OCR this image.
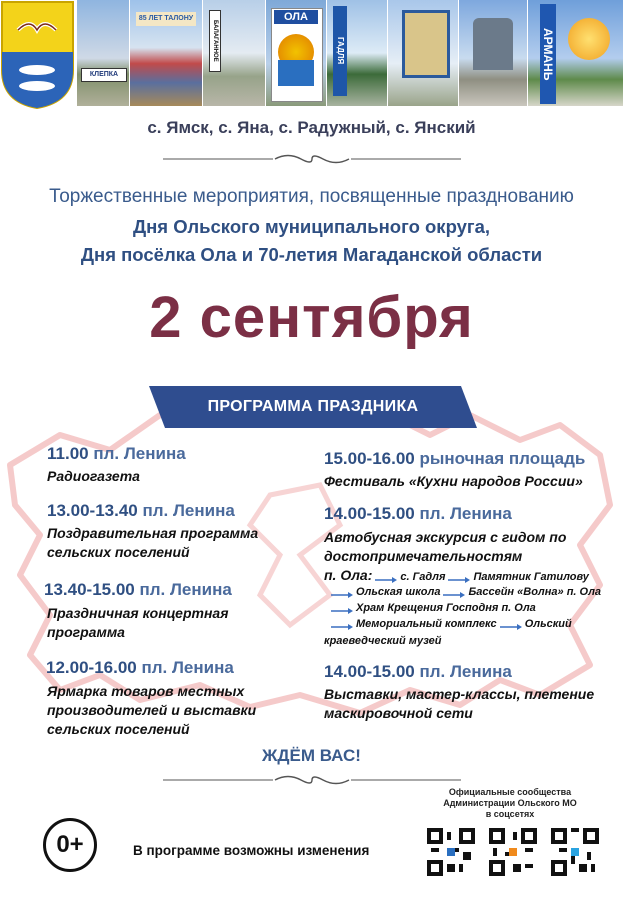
КЛЕПКА
85 ЛЕТ ТАЛОНУ
БАЛАГАННОЕ
ОЛА
ГАДЛЯ	АРМАНЬ
с. Ямск, с. Яна, с. Радужный, с. Янский
Торжественные мероприятия, посвященные празднованию
Дня Ольского муниципального округа,
Дня посёлка Ола и 70-летия Магаданской области
2 сентября
ПРОГРАММА ПРАЗДНИКА
11.00 пл. Ленина
Радиогазета
13.00-13.40 пл. Ленина
Поздравительная программа
сельских поселений
13.40-15.00 пл. Ленина
Праздничная концертная
программа
12.00-16.00 пл. Ленина
Ярмарка товаров местных
производителей и выставки
сельских поселений
15.00-16.00 рыночная площадь
Фестиваль «Кухни народов России»
14.00-15.00 пл. Ленина
Автобусная экскурсия с гидом по
достопримечательностям
п. Ола:	с. Гадля	Памятник Гатилову
Ольская школа	Бассейн «Волна» п. Ола
Храм Крещения Господня п. Ола
Мемориальный комплекс	Ольский
краеведческий музей
14.00-15.00 пл. Ленина
Выставки, мастер-классы, плетение
маскировочной сети
ЖДЁМ ВАС!
Официальные сообщества
Администрации Ольского МО
в соцсетях
0+	В программе возможны изменения
